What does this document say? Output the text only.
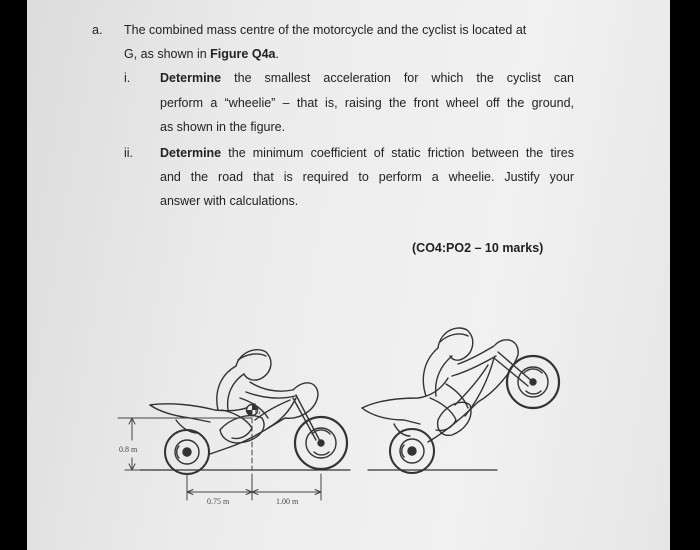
a. The combined mass centre of the motorcycle and the cyclist is located at
G, as shown in Figure Q4a.
i. Determine the smallest acceleration for which the cyclist can
perform a “wheelie” – that is, raising the front wheel off the ground,
as shown in the figure.
ii. Determine the minimum coefficient of static friction between the tires
and the road that is required to perform a wheelie. Justify your
answer with calculations.
(CO4:PO2 – 10 marks)
G
0.8 m
0.75 m	1.00 m
